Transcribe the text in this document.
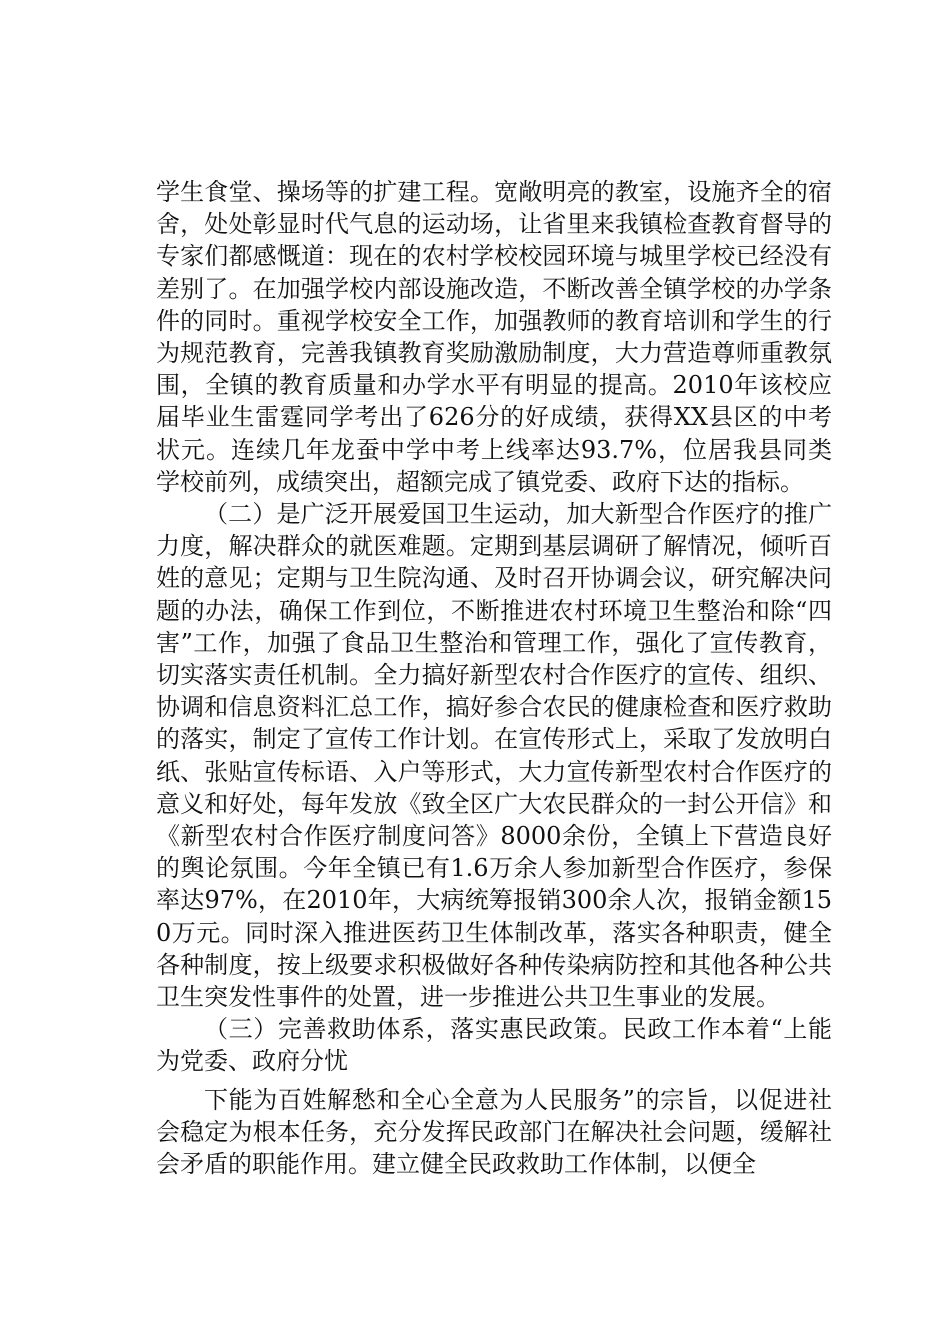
学生食堂、操场等的扩建工程。宽敞明亮的教室，设施齐全的宿舍，处处彰显时代气息的运动场，让省里来我镇检查教育督导的专家们都感慨道：现在的农村学校校园环境与城里学校已经没有差别了。在加强学校内部设施改造，不断改善全镇学校的办学条件的同时。重视学校安全工作，加强教师的教育培训和学生的行为规范教育，完善我镇教育奖励激励制度，大力营造尊师重教氛围，全镇的教育质量和办学水平有明显的提高。2010年该校应届毕业生雷霆同学考出了626分的好成绩，获得XX县区的中考状元。连续几年龙蚕中学中考上线率达93.7%，位居我县同类学校前列，成绩突出，超额完成了镇党委、政府下达的指标。

（二）是广泛开展爱国卫生运动，加大新型合作医疗的推广力度，解决群众的就医难题。定期到基层调研了解情况，倾听百姓的意见；定期与卫生院沟通、及时召开协调会议，研究解决问题的办法，确保工作到位，不断推进农村环境卫生整治和除“四害”工作，加强了食品卫生整治和管理工作，强化了宣传教育，切实落实责任机制。全力搞好新型农村合作医疗的宣传、组织、协调和信息资料汇总工作，搞好参合农民的健康检查和医疗救助的落实，制定了宣传工作计划。在宣传形式上，采取了发放明白纸、张贴宣传标语、入户等形式，大力宣传新型农村合作医疗的意义和好处，每年发放《致全区广大农民群众的一封公开信》和《新型农村合作医疗制度问答》8000余份，全镇上下营造良好的舆论氛围。今年全镇已有1.6万余人参加新型合作医疗，参保率达97%，在2010年，大病统筹报销300余人次，报销金额150万元。同时深入推进医药卫生体制改革，落实各种职责，健全各种制度，按上级要求积极做好各种传染病防控和其他各种公共卫生突发性事件的处置，进一步推进公共卫生事业的发展。

（三）完善救助体系，落实惠民政策。民政工作本着“上能为党委、政府分忧

下能为百姓解愁和全心全意为人民服务”的宗旨，以促进社会稳定为根本任务，充分发挥民政部门在解决社会问题，缓解社会矛盾的职能作用。建立健全民政救助工作体制，以便全
